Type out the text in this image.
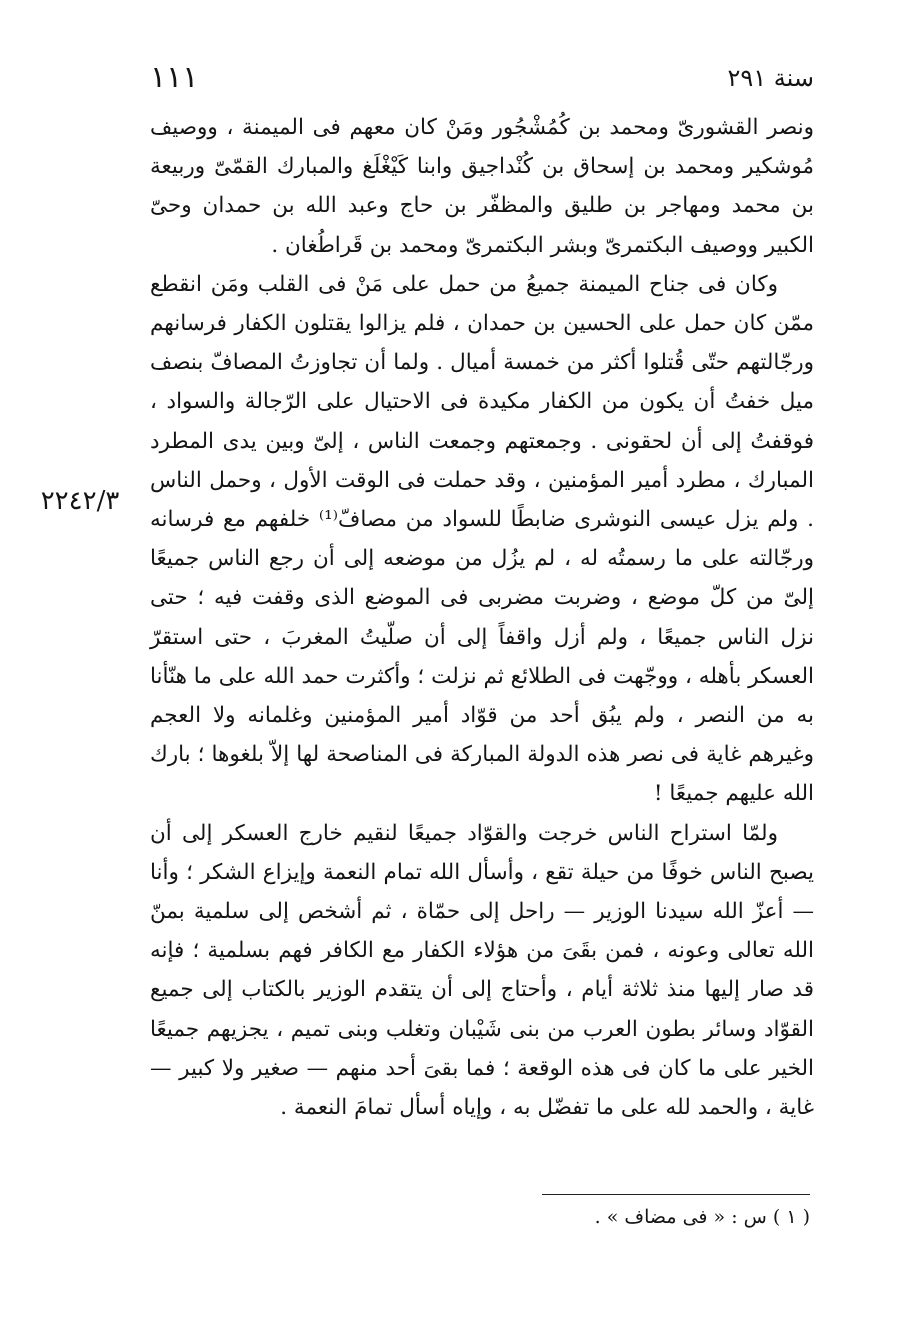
سنة ٢٩١
١١١
٢٢٤٢/٣

ونصر القشورىّ ومحمد بن كُمُشْجُور ومَنْ كان معهم فى الميمنة ، ووصيف مُوشكير ومحمد بن إسحاق بن كُنْداجيق وابنا كَيْغْلَغ والمبارك القمّىّ وربيعة بن محمد ومهاجر بن طليق والمظفّر بن حاج وعبد الله بن حمدان وحىّ الكبير ووصيف البكتمرىّ وبشر البكتمرىّ ومحمد بن قَراطُغان .

وكان فى جناح الميمنة جميعُ من حمل على مَنْ فى القلب ومَن انقطع ممّن كان حمل على الحسين بن حمدان ، فلم يزالوا يقتلون الكفار فرسانهم ورجّالتهم حتّى قُتلوا أكثر من خمسة أميال . ولما أن تجاوزتُ المصافّ بنصف ميل خفتُ أن يكون من الكفار مكيدة فى الاحتيال على الرّجالة والسواد ، فوقفتُ إلى أن لحقونى . وجمعتهم وجمعت الناس ، إلىّ وبين يدى المطرد المبارك ، مطرد أمير المؤمنين ، وقد حملت فى الوقت الأول ، وحمل الناس . ولم يزل عيسى النوشرى ضابطًا للسواد من مصافّ⁽¹⁾ خلفهم مع فرسانه ورجّالته على ما رسمتُه له ، لم يزُل من موضعه إلى أن رجع الناس جميعًا إلىّ من كلّ موضع ، وضربت مضربى فى الموضع الذى وقفت فيه ؛ حتى نزل الناس جميعًا ، ولم أزل واقفاً إلى أن صلّيتُ المغربَ ، حتى استقرّ العسكر بأهله ، ووجّهت فى الطلائع ثم نزلت ؛ وأكثرت حمد الله على ما هنّأنا به من النصر ، ولم يبُق أحد من قوّاد أمير المؤمنين وغلمانه ولا العجم وغيرهم غاية فى نصر هذه الدولة المباركة فى المناصحة لها إلاّ بلغوها ؛ بارك الله عليهم جميعًا !

ولمّا استراح الناس خرجت والقوّاد جميعًا لنقيم خارج العسكر إلى أن يصبح الناس خوفًا من حيلة تقع ، وأسأل الله تمام النعمة وإيزاع الشكر ؛ وأنا — أعزّ الله سيدنا الوزير — راحل إلى حمّاة ، ثم أشخص إلى سلمية بمنّ الله تعالى وعونه ، فمن بقَىَ من هؤلاء الكفار مع الكافر فهم بسلمية ؛ فإنه قد صار إليها منذ ثلاثة أيام ، وأحتاج إلى أن يتقدم الوزير بالكتاب إلى جميع القوّاد وسائر بطون العرب من بنى شَيْبان وتغلب وبنى تميم ، يجزيهم جميعًا الخير على ما كان فى هذه الوقعة ؛ فما بقىَ أحد منهم — صغير ولا كبير — غاية ، والحمد لله على ما تفضّل به ، وإياه أسأل تمامَ النعمة .

( ١ ) س : « فى مضاف » .
